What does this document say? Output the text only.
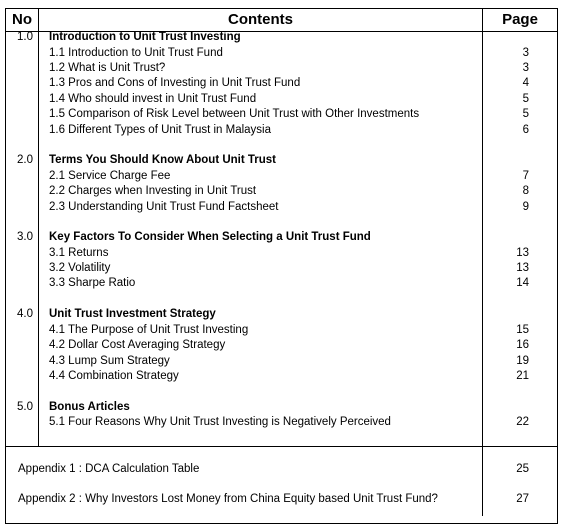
No	Contents	Page
1.0 Introduction to Unit Trust Investing
1.1 Introduction to Unit Trust Fund	3
1.2 What is Unit Trust?	3
1.3 Pros and Cons of Investing in Unit Trust Fund	4
1.4 Who should invest in Unit Trust Fund	5
1.5 Comparison of Risk Level between Unit Trust with Other Investments	5
1.6 Different Types of Unit Trust in Malaysia	6
2.0 Terms You Should Know About Unit Trust
2.1 Service Charge Fee	7
2.2 Charges when Investing in Unit Trust	8
2.3 Understanding Unit Trust Fund Factsheet	9
3.0 Key Factors To Consider When Selecting a Unit Trust Fund
3.1 Returns	13
3.2 Volatility	13
3.3 Sharpe Ratio	14
4.0 Unit Trust Investment Strategy
4.1 The Purpose of Unit Trust Investing	15
4.2 Dollar Cost Averaging Strategy	16
4.3 Lump Sum Strategy	19
4.4 Combination Strategy	21
5.0 Bonus Articles
5.1 Four Reasons Why Unit Trust Investing is Negatively Perceived	22
Appendix 1 : DCA Calculation Table	25
Appendix 2 : Why Investors Lost Money from China Equity based Unit Trust Fund?	27
